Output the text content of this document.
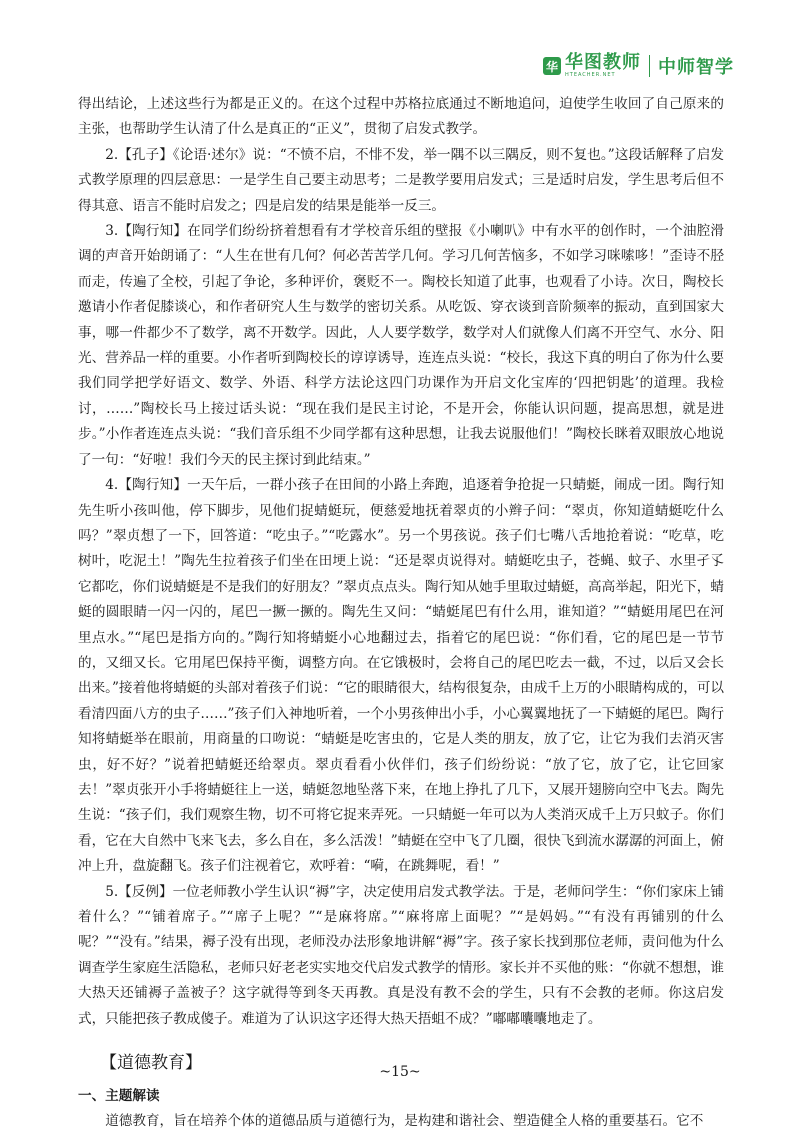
华 华图教师
HTEACHER.NET 中师智学

得出结论，上述这些行为都是正义的。在这个过程中苏格拉底通过不断地追问，迫使学生收回了自己原来的主张，也帮助学生认清了什么是真正的“正义”，贯彻了启发式教学。

2.【孔子】《论语·述尔》说：“不愤不启，不悱不发，举一隅不以三隅反，则不复也。”这段话解释了启发式教学原理的四层意思：一是学生自己要主动思考；二是教学要用启发式；三是适时启发，学生思考后但不得其意、语言不能时启发之；四是启发的结果是能举一反三。

3.【陶行知】在同学们纷纷挤着想看有才学校音乐组的壁报《小喇叭》中有水平的创作时，一个油腔滑调的声音开始朗诵了：“人生在世有几何？何必苦苦学几何。学习几何苦恼多，不如学习咪嗦哆！”歪诗不胫而走，传遍了全校，引起了争论，多种评价，褒贬不一。陶校长知道了此事，也观看了小诗。次日，陶校长邀请小作者促膝谈心，和作者研究人生与数学的密切关系。从吃饭、穿衣谈到音阶频率的振动，直到国家大事，哪一件都少不了数学，离不开数学。因此，人人要学数学，数学对人们就像人们离不开空气、水分、阳光、营养品一样的重要。小作者听到陶校长的谆谆诱导，连连点头说：“校长，我这下真的明白了你为什么要我们同学把学好语文、数学、外语、科学方法论这四门功课作为开启文化宝库的‘四把钥匙’的道理。我检讨，……”陶校长马上接过话头说：“现在我们是民主讨论，不是开会，你能认识问题，提高思想，就是进步。”小作者连连点头说：“我们音乐组不少同学都有这种思想，让我去说服他们！”陶校长眯着双眼放心地说了一句：“好啦！我们今天的民主探讨到此结束。”

4.【陶行知】一天午后，一群小孩子在田间的小路上奔跑，追逐着争抢捉一只蜻蜓，闹成一团。陶行知先生听小孩叫他，停下脚步，见他们捉蜻蜓玩，便慈爱地抚着翠贞的小辫子问：“翠贞，你知道蜻蜓吃什么吗？”翠贞想了一下，回答道：“吃虫子。”“吃露水”。另一个男孩说。孩子们七嘴八舌地抢着说：“吃草，吃树叶，吃泥土！”陶先生拉着孩子们坐在田埂上说：“还是翠贞说得对。蜻蜓吃虫子，苍蝇、蚊子、水里孑孓它都吃，你们说蜻蜓是不是我们的好朋友？”翠贞点点头。陶行知从她手里取过蜻蜓，高高举起，阳光下，蜻蜓的圆眼睛一闪一闪的，尾巴一撅一撅的。陶先生又问：“蜻蜓尾巴有什么用，谁知道？”“蜻蜓用尾巴在河里点水。”“尾巴是指方向的。”陶行知将蜻蜓小心地翻过去，指着它的尾巴说：“你们看，它的尾巴是一节节的，又细又长。它用尾巴保持平衡，调整方向。在它饿极时，会将自己的尾巴吃去一截，不过，以后又会长出来。”接着他将蜻蜓的头部对着孩子们说：“它的眼睛很大，结构很复杂，由成千上万的小眼睛构成的，可以看清四面八方的虫子……”孩子们入神地听着，一个小男孩伸出小手，小心翼翼地抚了一下蜻蜓的尾巴。陶行知将蜻蜓举在眼前，用商量的口吻说：“蜻蜓是吃害虫的，它是人类的朋友，放了它，让它为我们去消灭害虫，好不好？”说着把蜻蜓还给翠贞。翠贞看看小伙伴们，孩子们纷纷说：“放了它，放了它，让它回家去！”翠贞张开小手将蜻蜓往上一送，蜻蜓忽地坠落下来，在地上挣扎了几下，又展开翅膀向空中飞去。陶先生说：“孩子们，我们观察生物，切不可将它捉来弄死。一只蜻蜓一年可以为人类消灭成千上万只蚊子。你们看，它在大自然中飞来飞去，多么自在，多么活泼！”蜻蜓在空中飞了几圈，很快飞到流水潺潺的河面上，俯冲上升，盘旋翻飞。孩子们注视着它，欢呼着：“嗬，在跳舞呢，看！”

5.【反例】一位老师教小学生认识“褥”字，决定使用启发式教学法。于是，老师问学生：“你们家床上铺着什么？”“铺着席子。”“席子上呢？”“是麻将席。”“麻将席上面呢？”“是妈妈。”“有没有再铺别的什么呢？”“没有。”结果，褥子没有出现，老师没办法形象地讲解“褥”字。孩子家长找到那位老师，责问他为什么调查学生家庭生活隐私，老师只好老老实实地交代启发式教学的情形。家长并不买他的账：“你就不想想，谁大热天还铺褥子盖被子？这字就得等到冬天再教。真是没有教不会的学生，只有不会教的老师。你这启发式，只能把孩子教成傻子。难道为了认识这字还得大热天捂蛆不成？”嘟嘟囔囔地走了。

【道德教育】
一、主题解读

道德教育，旨在培养个体的道德品质与道德行为，是构建和谐社会、塑造健全人格的重要基石。它不

~15~
